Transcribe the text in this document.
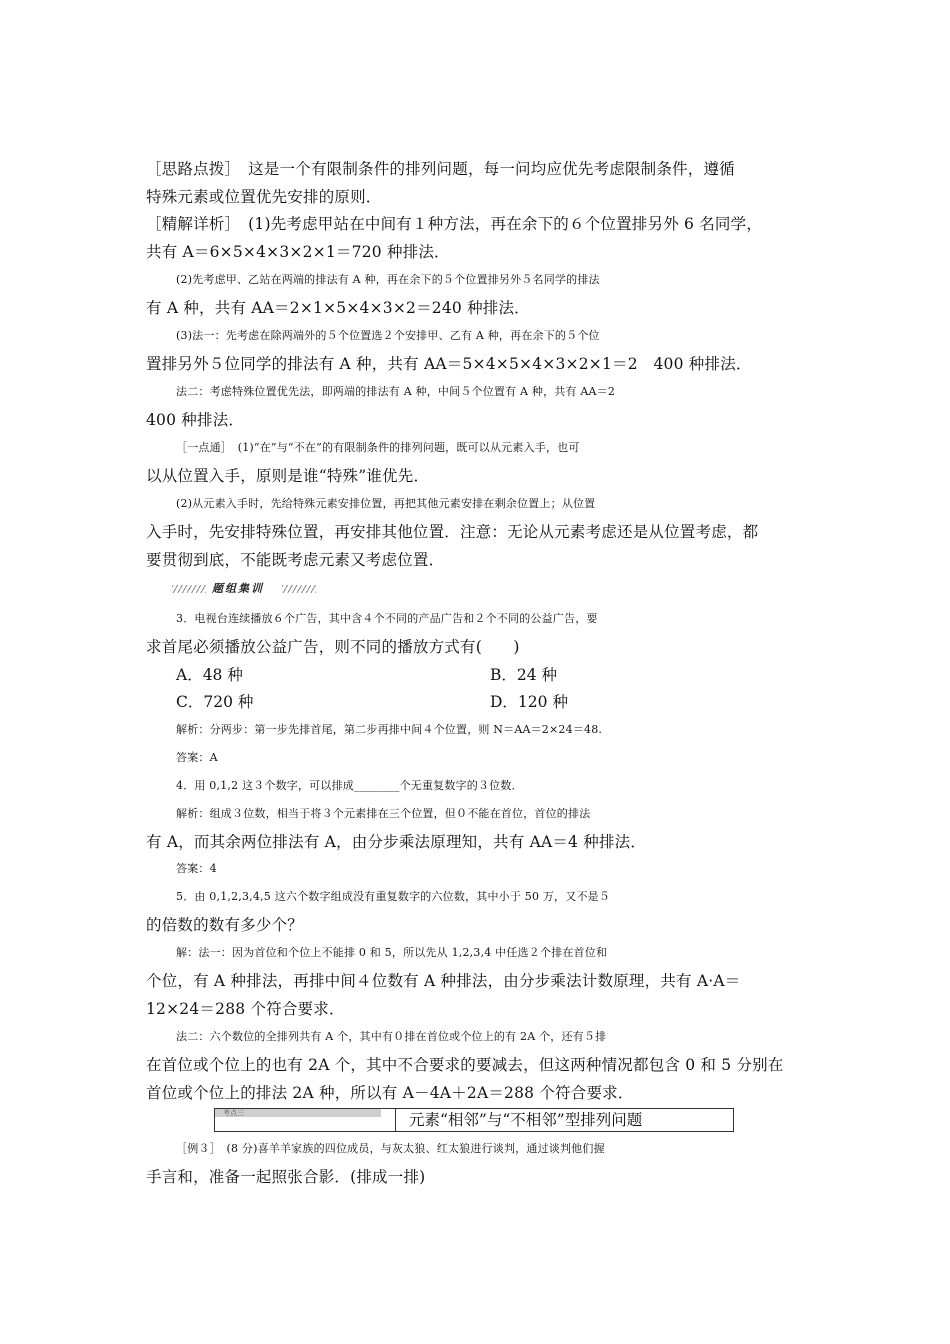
［思路点拨］　这是一个有限制条件的排列问题，每一问均应优先考虑限制条件，遵循
特殊元素或位置优先安排的原则．
［精解详析］　(1)先考虑甲站在中间有１种方法，再在余下的６个位置排另外 6 名同学，
共有 A＝6×5×4×3×2×1＝720 种排法．
(2)先考虑甲、乙站在两端的排法有 A 种，再在余下的５个位置排另外５名同学的排法
有 A 种，共有 AA＝2×1×5×4×3×2＝240 种排法．
(3)法一：先考虑在除两端外的５个位置选２个安排甲、乙有 A 种，再在余下的５个位
置排另外５位同学的排法有 A 种，共有 AA＝5×4×5×4×3×2×1＝2　400 种排法．
法二：考虑特殊位置优先法，即两端的排法有 A 种，中间５个位置有 A 种，共有 AA＝2
400 种排法．
［一点通］　(1)“在”与“不在”的有限制条件的排列问题，既可以从元素入手，也可
以从位置入手，原则是谁“特殊”谁优先．
(2)从元素入手时，先给特殊元素安排位置，再把其他元素安排在剩余位置上；从位置
入手时，先安排特殊位置，再安排其他位置．注意：无论从元素考虑还是从位置考虑，都
要贯彻到底，不能既考虑元素又考虑位置．
题组集训
3．电视台连续播放６个广告，其中含４个不同的产品广告和２个不同的公益广告，要
求首尾必须播放公益广告，则不同的播放方式有(　　)
A．48 种	B．24 种
C．720 种	D．120 种
解析：分两步：第一步先排首尾，第二步再排中间４个位置，则 N＝AA＝2×24＝48.
答案：A
4．用 0,1,2 这３个数字，可以排成________个无重复数字的３位数．
解析：组成３位数，相当于将３个元素排在三个位置，但０不能在首位，首位的排法
有 A，而其余两位排法有 A，由分步乘法原理知，共有 AA＝4 种排法．
答案：4
5．由 0,1,2,3,4,5 这六个数字组成没有重复数字的六位数，其中小于 50 万，又不是５
的倍数的数有多少个？
解：法一：因为首位和个位上不能排 0 和 5，所以先从 1,2,3,4 中任选２个排在首位和
个位，有 A 种排法，再排中间４位数有 A 种排法，由分步乘法计数原理，共有 A·A＝
12×24＝288 个符合要求．
法二：六个数位的全排列共有 A 个，其中有０排在首位或个位上的有 2A 个，还有５排
在首位或个位上的也有 2A 个，其中不合要求的要减去，但这两种情况都包含 0 和 5 分别在
首位或个位上的排法 2A 种，所以有 A－4A＋2A＝288 个符合要求．
考点三	元素“相邻”与“不相邻”型排列问题
［例３］　(8 分)喜羊羊家族的四位成员，与灰太狼、红太狼进行谈判，通过谈判他们握
手言和，准备一起照张合影．(排成一排)
